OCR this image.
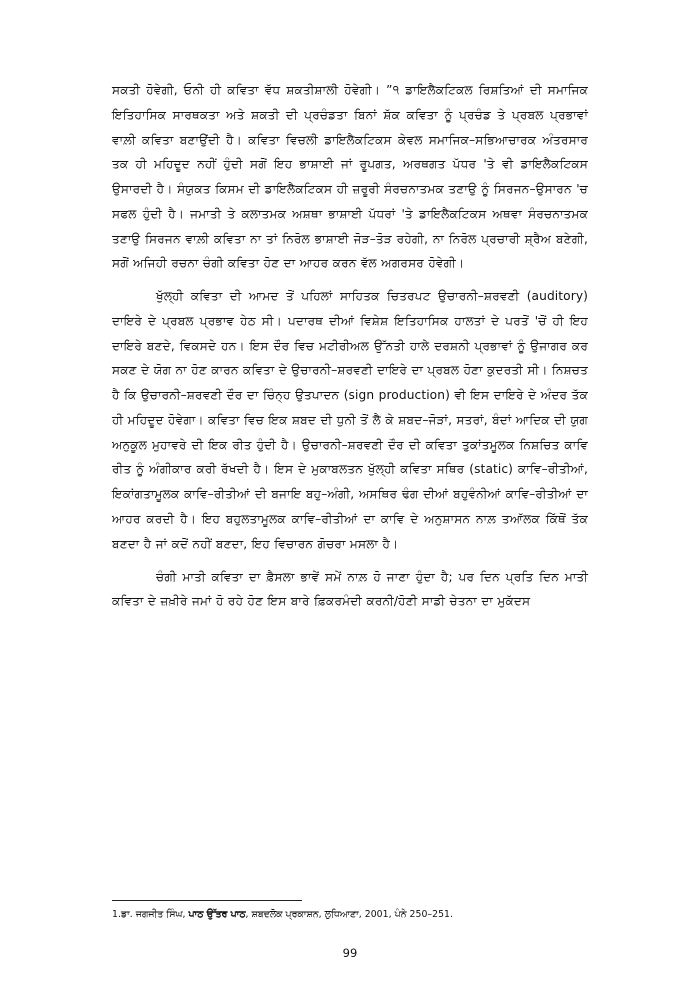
ਸਕਤੀ ਹੋਵੇਗੀ, ਓਨੀ ਹੀ ਕਵਿਤਾ ਵੱਧ ਸ਼ਕਤੀਸ਼ਾਲੀ ਹੋਵੇਗੀ। ”੧ ਡਾਇਲੈਕਟਿਕਲ ਰਿਸ਼ਤਿਆਂ ਦੀ ਸਮਾਜਿਕ ਇਤਿਹਾਸਿਕ ਸਾਰਥਕਤਾ ਅਤੇ ਸ਼ਕਤੀ ਦੀ ਪ੍ਰਚੰਡਤਾ ਬਿਨਾਂ ਸ਼ੱਕ ਕਵਿਤਾ ਨੂੰ ਪ੍ਰਚੰਡ ਤੇ ਪ੍ਰਬਲ ਪ੍ਰਭਾਵਾਂ ਵਾਲ਼ੀ ਕਵਿਤਾ ਬਣਾਉਂਦੀ ਹੈ। ਕਵਿਤਾ ਵਿਚਲੀ ਡਾਇਲੈਕਟਿਕਸ ਕੇਵਲ ਸਮਾਜਿਕ–ਸਭਿਆਚਾਰਕ ਅੰਤਰਸਾਰ ਤਕ ਹੀ ਮਹਿਦੂਦ ਨਹੀਂ ਹੁੰਦੀ ਸਗੋਂ ਇਹ ਭਾਸ਼ਾਈ ਜਾਂ ਰੂਪਗਤ, ਅਰਥਗਤ ਪੱਧਰ 'ਤੇ ਵੀ ਡਾਇਲੈਕਟਿਕਸ ਉਸਾਰਦੀ ਹੈ। ਸੰਯੁਕਤ ਕਿਸਮ ਦੀ ਡਾਇਲੈਕਟਿਕਸ ਹੀ ਜ਼ਰੂਰੀ ਸੰਰਚਨਾਤਮਕ ਤਣਾਉ ਨੂੰ ਸਿਰਜਨ–ਉਸਾਰਨ 'ਚ ਸਫਲ ਹੁੰਦੀ ਹੈ। ਜਮਾਤੀ ਤੇ ਕਲਾਤਮਕ ਅਸ਼ਥਾ ਭਾਸ਼ਾਈ ਪੱਧਰਾਂ 'ਤੇ ਡਾਇਲੈਕਟਿਕਸ ਅਥਵਾ ਸੰਰਚਨਾਤਮਕ ਤਣਾਉ ਸਿਰਜਨ ਵਾਲ਼ੀ ਕਵਿਤਾ ਨਾ ਤਾਂ ਨਿਰੋਲ ਭਾਸ਼ਾਈ ਜੋੜ–ਤੋੜ ਰਹੇਗੀ, ਨਾ ਨਿਰੋਲ ਪ੍ਰਚਾਰੀ ਸ਼੍ਰੈਅ ਬਣੇਗੀ, ਸਗੋਂ ਅਜਿਹੀ ਰਚਨਾ ਚੰਗੀ ਕਵਿਤਾ ਹੋਣ ਦਾ ਆਹਰ ਕਰਨ ਵੱਲ ਅਗਰਸਰ ਹੋਵੇਗੀ।

ਖੁੱਲ੍ਹੀ ਕਵਿਤਾ ਦੀ ਆਮਦ ਤੋਂ ਪਹਿਲਾਂ ਸਾਹਿਤਕ ਚਿਤਰਪਟ ਉਚਾਰਨੀ–ਸ਼ਰਵਣੀ (auditory) ਦਾਇਰੇ ਦੇ ਪ੍ਰਬਲ ਪ੍ਰਭਾਵ ਹੇਠ ਸੀ। ਪਦਾਰਥ ਦੀਆਂ ਵਿਸ਼ੇਸ਼ ਇਤਿਹਾਸਿਕ ਹਾਲਤਾਂ ਦੇ ਪਰਤੋਂ 'ਚੋਂ ਹੀ ਇਹ ਦਾਇਰੇ ਬਣਦੇ, ਵਿਕਸਦੇ ਹਨ। ਇਸ ਦੌਰ ਵਿਚ ਮਟੀਰੀਅਲ ਉੱਨਤੀ ਹਾਲੇ ਦਰਸ਼ਨੀ ਪ੍ਰਭਾਵਾਂ ਨੂੰ ਉਜਾਗਰ ਕਰ ਸਕਣ ਦੇ ਯੋਗ ਨਾ ਹੋਣ ਕਾਰਨ ਕਵਿਤਾ ਦੇ ਉਚਾਰਨੀ–ਸ਼ਰਵਣੀ ਦਾਇਰੇ ਦਾ ਪ੍ਰਬਲ ਹੋਣਾ ਕੁਦਰਤੀ ਸੀ। ਨਿਸ਼ਚਤ ਹੈ ਕਿ ਉਚਾਰਨੀ–ਸ਼ਰਵਣੀ ਦੌਰ ਦਾ ਚਿੰਨ੍ਹ ਉਤਪਾਦਨ (sign production) ਵੀ ਇਸ ਦਾਇਰੇ ਦੇ ਅੰਦਰ ਤੱਕ ਹੀ ਮਹਿਦੂਦ ਹੋਵੇਗਾ। ਕਵਿਤਾ ਵਿਚ ਇਕ ਸ਼ਬਦ ਦੀ ਧੁਨੀ ਤੋਂ ਲੈ ਕੇ ਸ਼ਬਦ–ਜੋੜਾਂ, ਸਤਰਾਂ, ਬੰਦਾਂ ਆਦਿਕ ਦੀ ਯੁਗ ਅਨੁਕੂਲ ਮੁਹਾਵਰੇ ਦੀ ਇਕ ਰੀਤ ਹੁੰਦੀ ਹੈ। ਉਚਾਰਨੀ–ਸ਼ਰਵਣੀ ਦੌਰ ਦੀ ਕਵਿਤਾ ਤੁਕਾਂਤਮੂਲਕ ਨਿਸ਼ਚਿਤ ਕਾਵਿ ਰੀਤ ਨੂੰ ਅੰਗੀਕਾਰ ਕਰੀ ਰੱਖਦੀ ਹੈ। ਇਸ ਦੇ ਮੁਕਾਬਲਤਨ ਖੁੱਲ੍ਹੀ ਕਵਿਤਾ ਸਥਿਰ (static) ਕਾਵਿ–ਰੀਤੀਆਂ, ਇਕਾਂਗਤਾਮੂਲਕ ਕਾਵਿ–ਰੀਤੀਆਂ ਦੀ ਬਜਾਇ ਬਹੁ–ਅੰਗੀ, ਅਸਥਿਰ ਢੰਗ ਦੀਆਂ ਬਹੁਵੰਨੀਆਂ ਕਾਵਿ–ਰੀਤੀਆਂ ਦਾ ਆਹਰ ਕਰਦੀ ਹੈ। ਇਹ ਬਹੁਲਤਾਮੂਲਕ ਕਾਵਿ–ਰੀਤੀਆਂ ਦਾ ਕਾਵਿ ਦੇ ਅਨੁਸ਼ਾਸਨ ਨਾਲ਼ ਤਆੱਲਕ ਕਿੱਥੋਂ ਤੱਕ ਬਣਦਾ ਹੈ ਜਾਂ ਕਦੋਂ ਨਹੀਂ ਬਣਦਾ, ਇਹ ਵਿਚਾਰਨ ਗੋਚਰਾ ਮਸਲਾ ਹੈ।

ਚੰਗੀ ਮਾਤੀ ਕਵਿਤਾ ਦਾ ਫ਼ੈਸਲਾ ਭਾਵੇਂ ਸਮੇਂ ਨਾਲ਼ ਹੋ ਜਾਣਾ ਹੁੰਦਾ ਹੈ; ਪਰ ਦਿਨ ਪ੍ਰਤਿ ਦਿਨ ਮਾਤੀ ਕਵਿਤਾ ਦੇ ਜ਼ਖ਼ੀਰੇ ਜਮਾਂ ਹੋ ਰਹੇ ਹੋਣ ਇਸ ਬਾਰੇ ਫ਼ਿਕਰਮੰਦੀ ਕਰਨੀ/ਹੋਣੀ ਸਾਡੀ ਚੇਤਨਾ ਦਾ ਮੁਕੱਦਸ

1.ਡਾ. ਜਗਜੀਤ ਸਿੰਘ, ਪਾਠ ਉੱਤਰ ਪਾਠ, ਸ਼ਬਦਲੋਕ ਪ੍ਰਕਾਸ਼ਨ, ਲੁਧਿਆਣਾ, 2001, ਪੰਨੇ 250–251.
99
